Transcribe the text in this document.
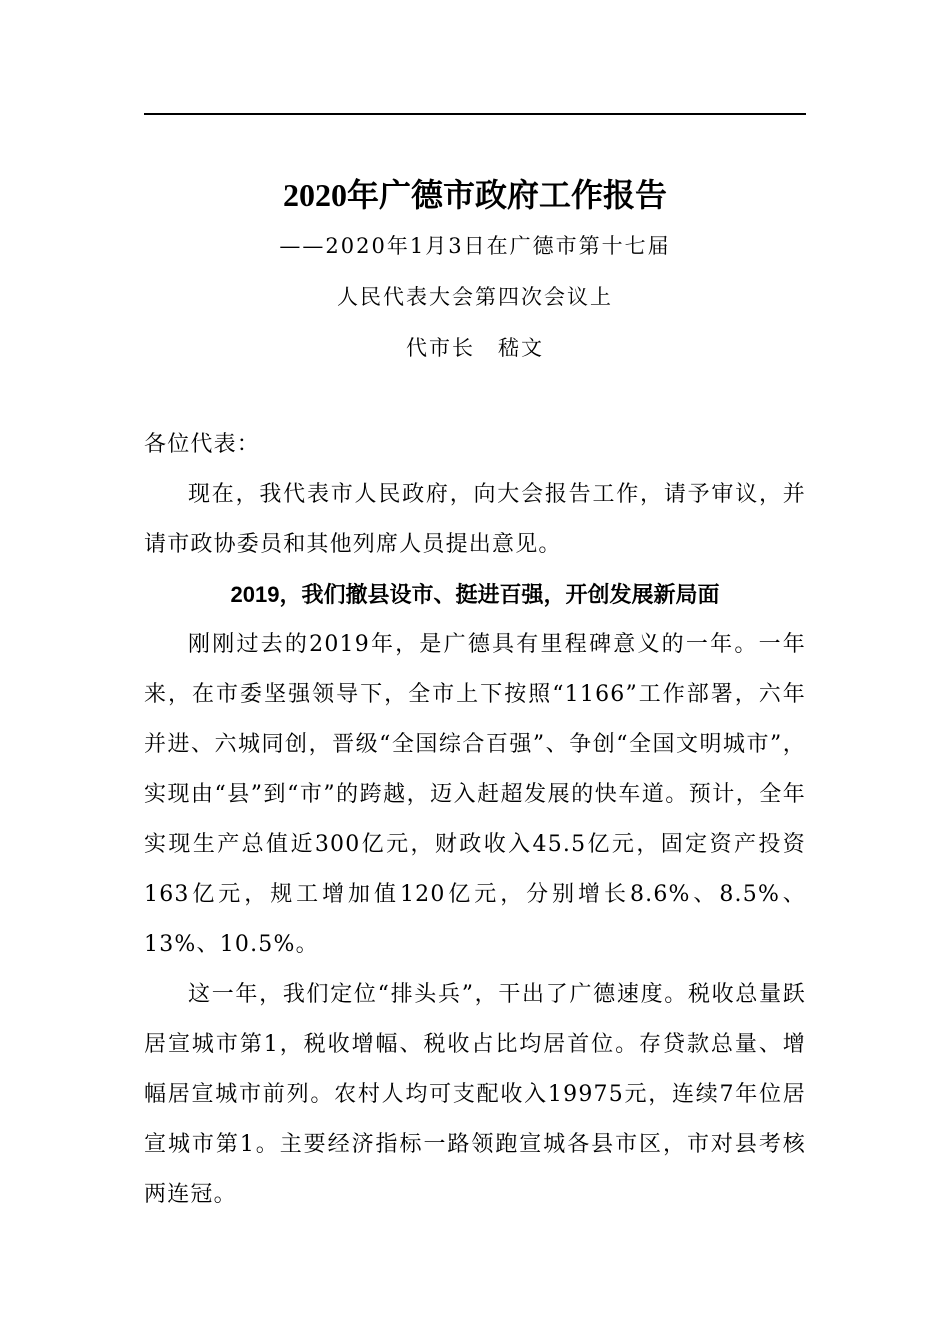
2020年广德市政府工作报告
——2020年1月3日在广德市第十七届
人民代表大会第四次会议上
代市长　嵇文

各位代表：

现在，我代表市人民政府，向大会报告工作，请予审议，并请市政协委员和其他列席人员提出意见。

2019，我们撤县设市、挺进百强，开创发展新局面

刚刚过去的2019年，是广德具有里程碑意义的一年。一年来，在市委坚强领导下，全市上下按照“1166”工作部署，六年并进、六城同创，晋级“全国综合百强”、争创“全国文明城市”，实现由“县”到“市”的跨越，迈入赶超发展的快车道。预计，全年实现生产总值近300亿元，财政收入45.5亿元，固定资产投资163亿元，规工增加值120亿元，分别增长8.6%、8.5%、13%、10.5%。

这一年，我们定位“排头兵”，干出了广德速度。税收总量跃居宣城市第1，税收增幅、税收占比均居首位。存贷款总量、增幅居宣城市前列。农村人均可支配收入19975元，连续7年位居宣城市第1。主要经济指标一路领跑宣城各县市区，市对县考核两连冠。
